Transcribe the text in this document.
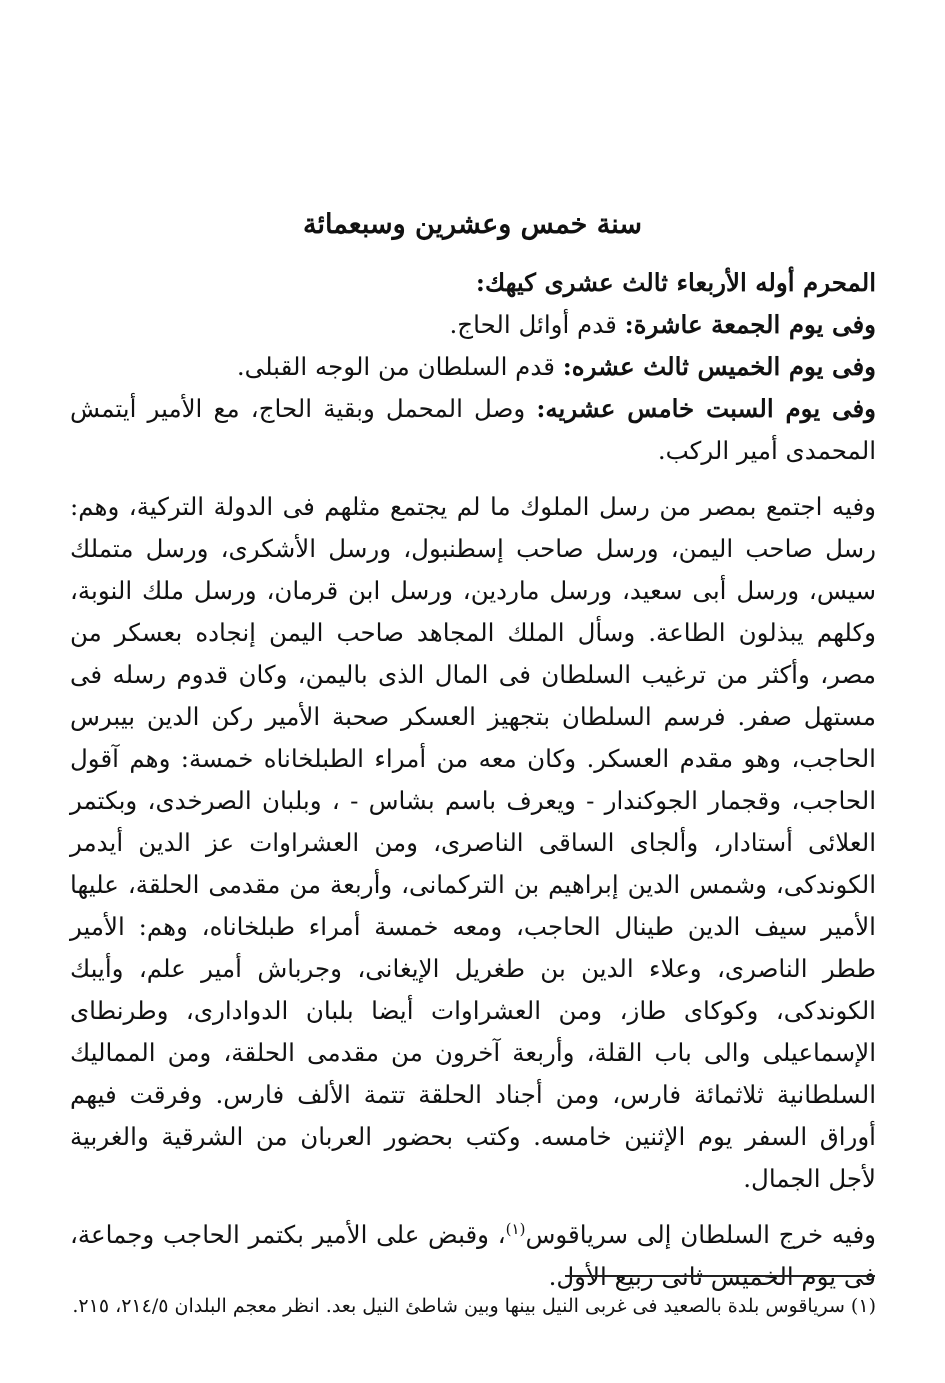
سنة خمس وعشرين وسبعمائة

المحرم أوله الأربعاء ثالث عشرى كيهك:

وفى يوم الجمعة عاشرة: قدم أوائل الحاج.

وفى يوم الخميس ثالث عشره: قدم السلطان من الوجه القبلى.

وفى يوم السبت خامس عشريه: وصل المحمل وبقية الحاج، مع الأمير أيتمش المحمدى أمير الركب.

وفيه اجتمع بمصر من رسل الملوك ما لم يجتمع مثلهم فى الدولة التركية، وهم: رسل صاحب اليمن، ورسل صاحب إسطنبول، ورسل الأشكرى، ورسل متملك سيس، ورسل أبى سعيد، ورسل ماردين، ورسل ابن قرمان، ورسل ملك النوبة، وكلهم يبذلون الطاعة. وسأل الملك المجاهد صاحب اليمن إنجاده بعسكر من مصر، وأكثر من ترغيب السلطان فى المال الذى باليمن، وكان قدوم رسله فى مستهل صفر. فرسم السلطان بتجهيز العسكر صحبة الأمير ركن الدين بيبرس الحاجب، وهو مقدم العسكر. وكان معه من أمراء الطبلخاناه خمسة: وهم آقول الحاجب، وقجمار الجوكندار - ويعرف باسم بشاس - ، وبلبان الصرخدى، وبكتمر العلائى أستادار، وألجاى الساقى الناصرى، ومن العشراوات عز الدين أيدمر الكوندكى، وشمس الدين إبراهيم بن التركمانى، وأربعة من مقدمى الحلقة، عليها الأمير سيف الدين طينال الحاجب، ومعه خمسة أمراء طبلخاناه، وهم: الأمير ططر الناصرى، وعلاء الدين بن طغريل الإيغانى، وجرباش أمير علم، وأيبك الكوندكى، وكوكاى طاز، ومن العشراوات أيضا بلبان الدوادارى، وطرنطاى الإسماعيلى والى باب القلة، وأربعة آخرون من مقدمى الحلقة، ومن المماليك السلطانية ثلاثمائة فارس، ومن أجناد الحلقة تتمة الألف فارس. وفرقت فيهم أوراق السفر يوم الإثنين خامسه. وكتب بحضور العربان من الشرقية والغربية لأجل الجمال.

وفيه خرج السلطان إلى سرياقوس$^{(١)}$، وقبض على الأمير بكتمر الحاجب وجماعة، فى يوم الخميس ثانى ربيع الأول.

(١) سرياقوس بلدة بالصعيد فى غربى النيل بينها وبين شاطئ النيل بعد. انظر معجم البلدان ٢١٤/٥، ٢١٥.
